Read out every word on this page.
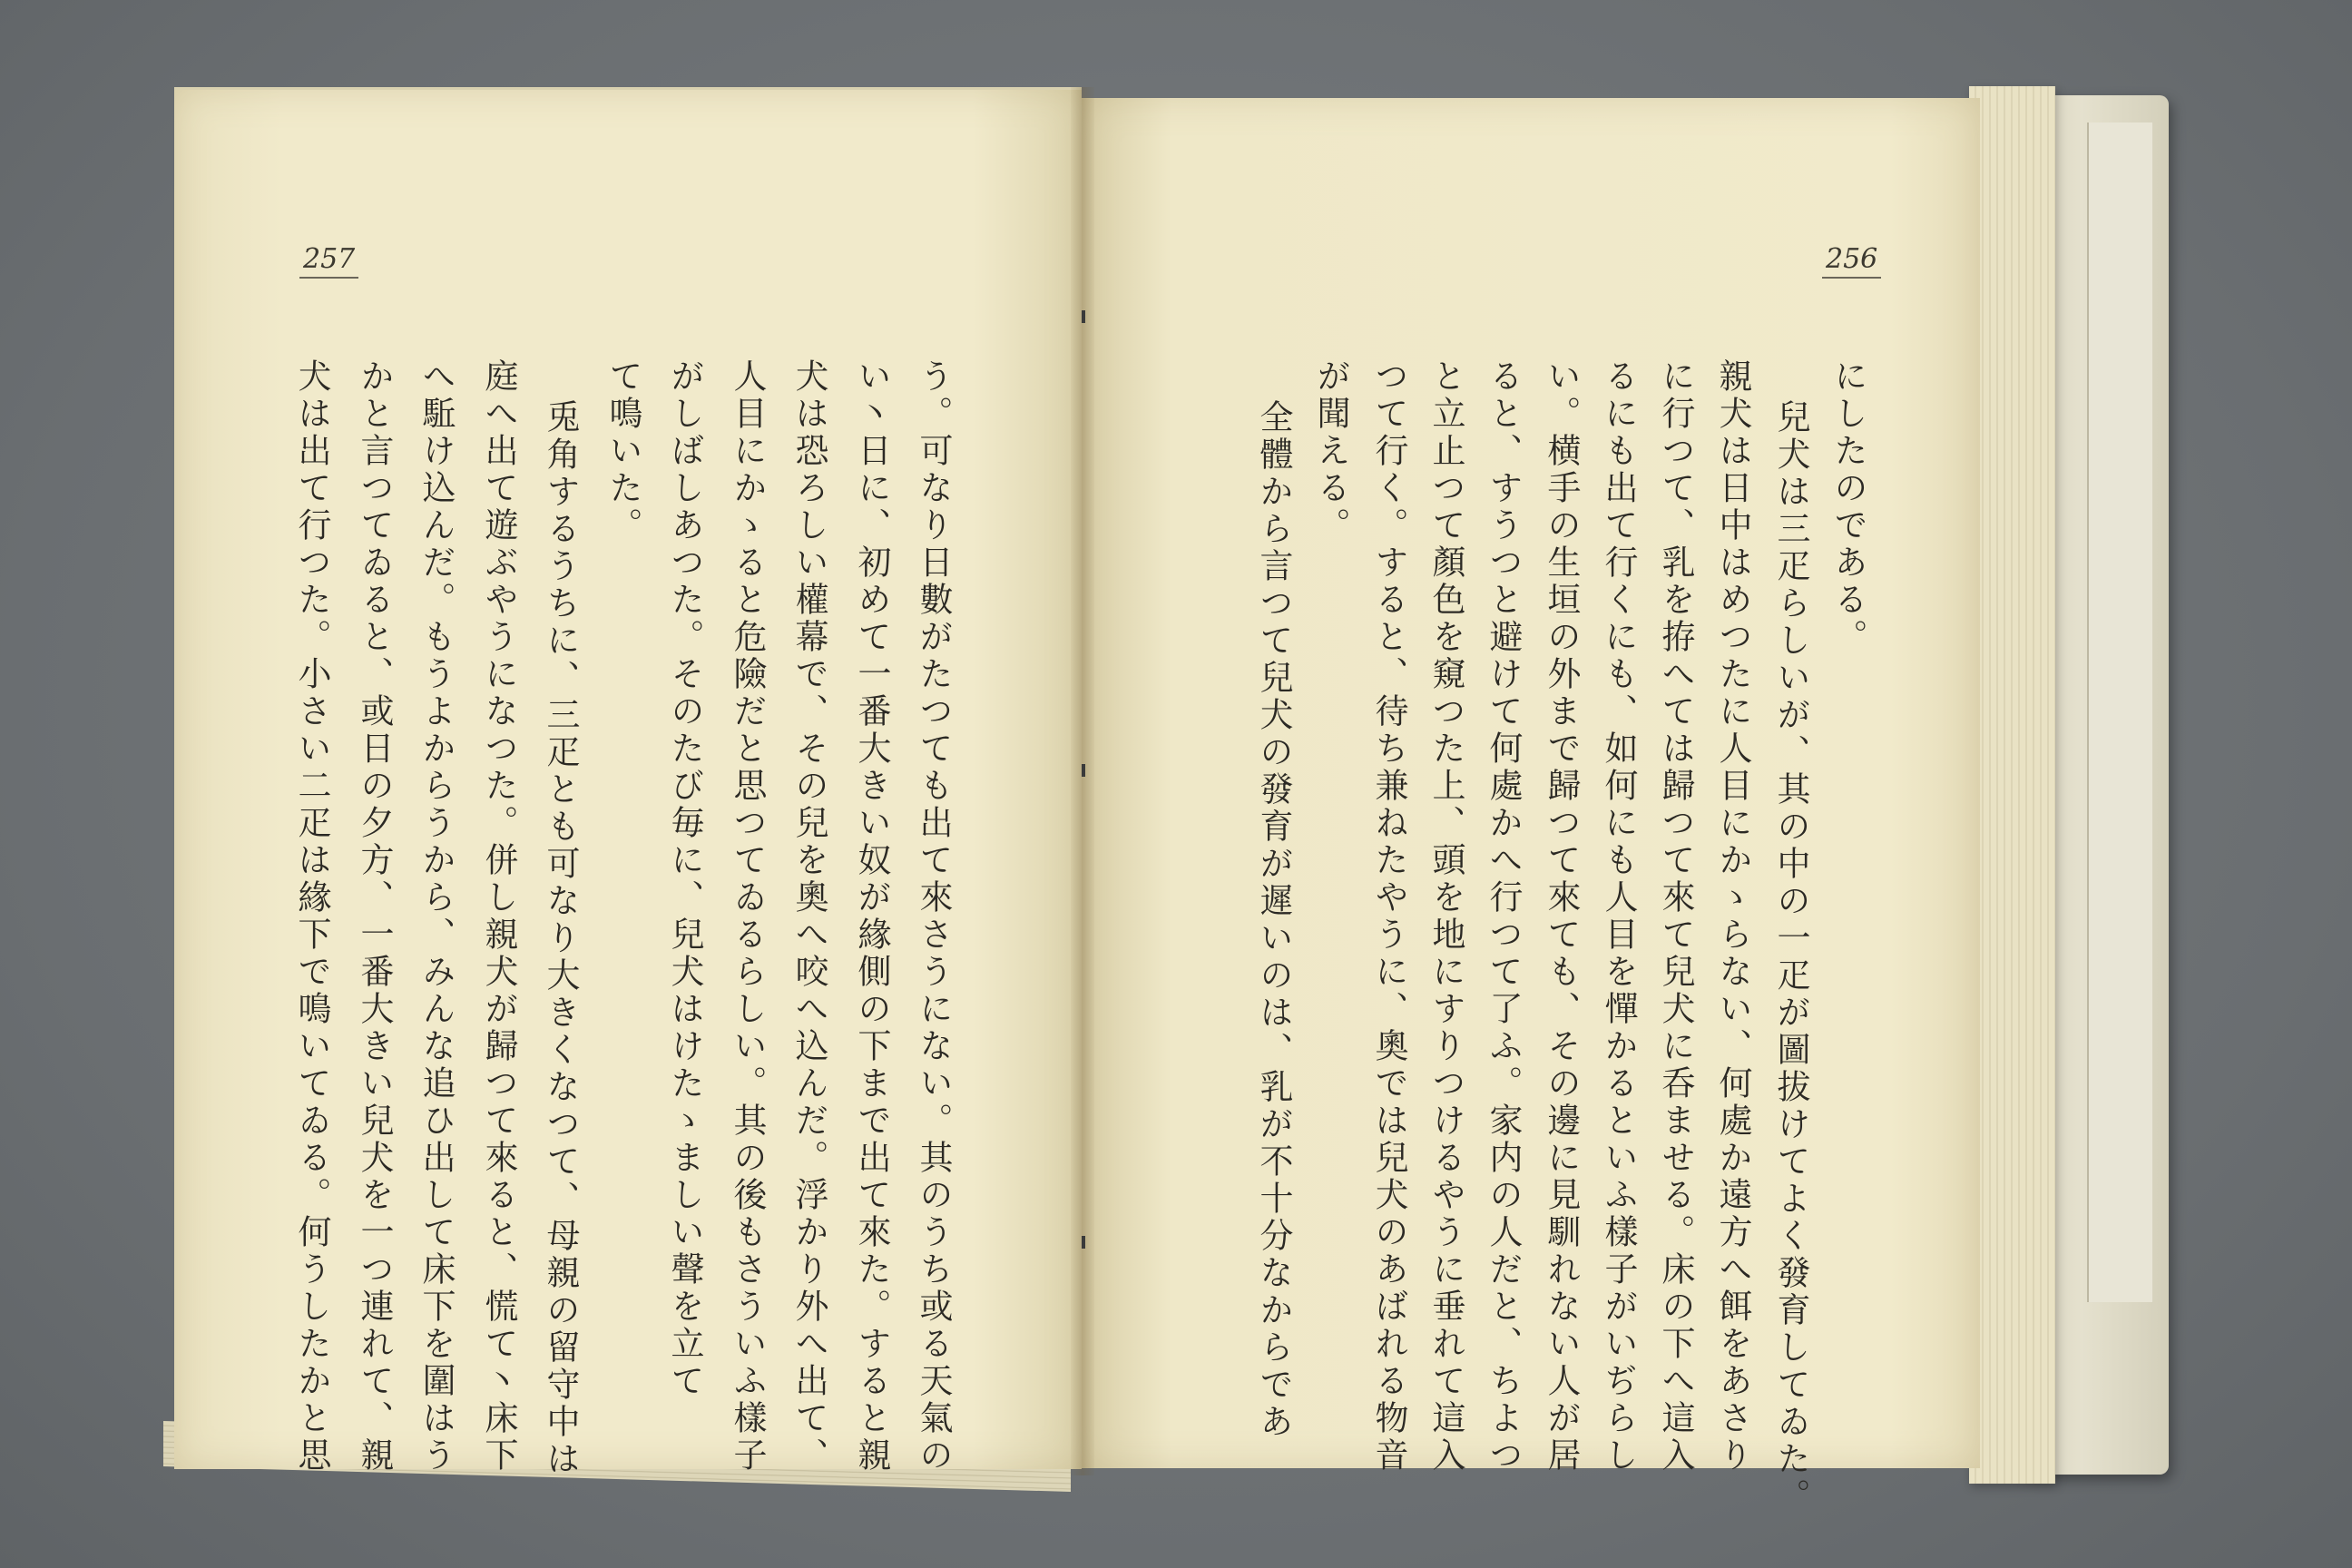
257	256
う。可なり日數がたつても出て來さうにない。其のうち或る天氣の
い丶日に、初めて一番大きい奴が緣側の下まで出て來た。すると親
犬は恐ろしい權幕で、その兒を奧へ咬へ込んだ。浮かり外へ出て、
人目にかゝると危險だと思つてゐるらしい。其の後もさういふ樣子
がしばしあつた。そのたび毎に、兒犬はけたゝましい聲を立て
て鳴いた。
兎角するうちに、三疋とも可なり大きくなつて、母親の留守中は
庭へ出て遊ぶやうになつた。併し親犬が歸つて來ると、慌て丶床下
へ駈け込んだ。もうよからうから、みんな追ひ出して床下を圍はう
かと言つてゐると、或日の夕方、一番大きい兒犬を一つ連れて、親
犬は出て行つた。小さい二疋は緣下で鳴いてゐる。何うしたかと思	にしたのである。
兒犬は三疋らしいが、其の中の一疋が圖拔けてよく發育してゐた。
親犬は日中はめつたに人目にかゝらない、何處か遠方へ餌をあさり
に行つて、乳を拵へては歸つて來て兒犬に呑ませる。床の下へ這入
るにも出て行くにも、如何にも人目を憚かるといふ樣子がいぢらし
い。横手の生垣の外まで歸つて來ても、その邊に見馴れない人が居
ると、すうつと避けて何處かへ行つて了ふ。家内の人だと、ちよつ
と立止つて顏色を窺つた上、頭を地にすりつけるやうに垂れて這入
つて行く。すると、待ち兼ねたやうに、奧では兒犬のあばれる物音
が聞える。
全體から言つて兒犬の發育が遲いのは、乳が不十分なからであ
